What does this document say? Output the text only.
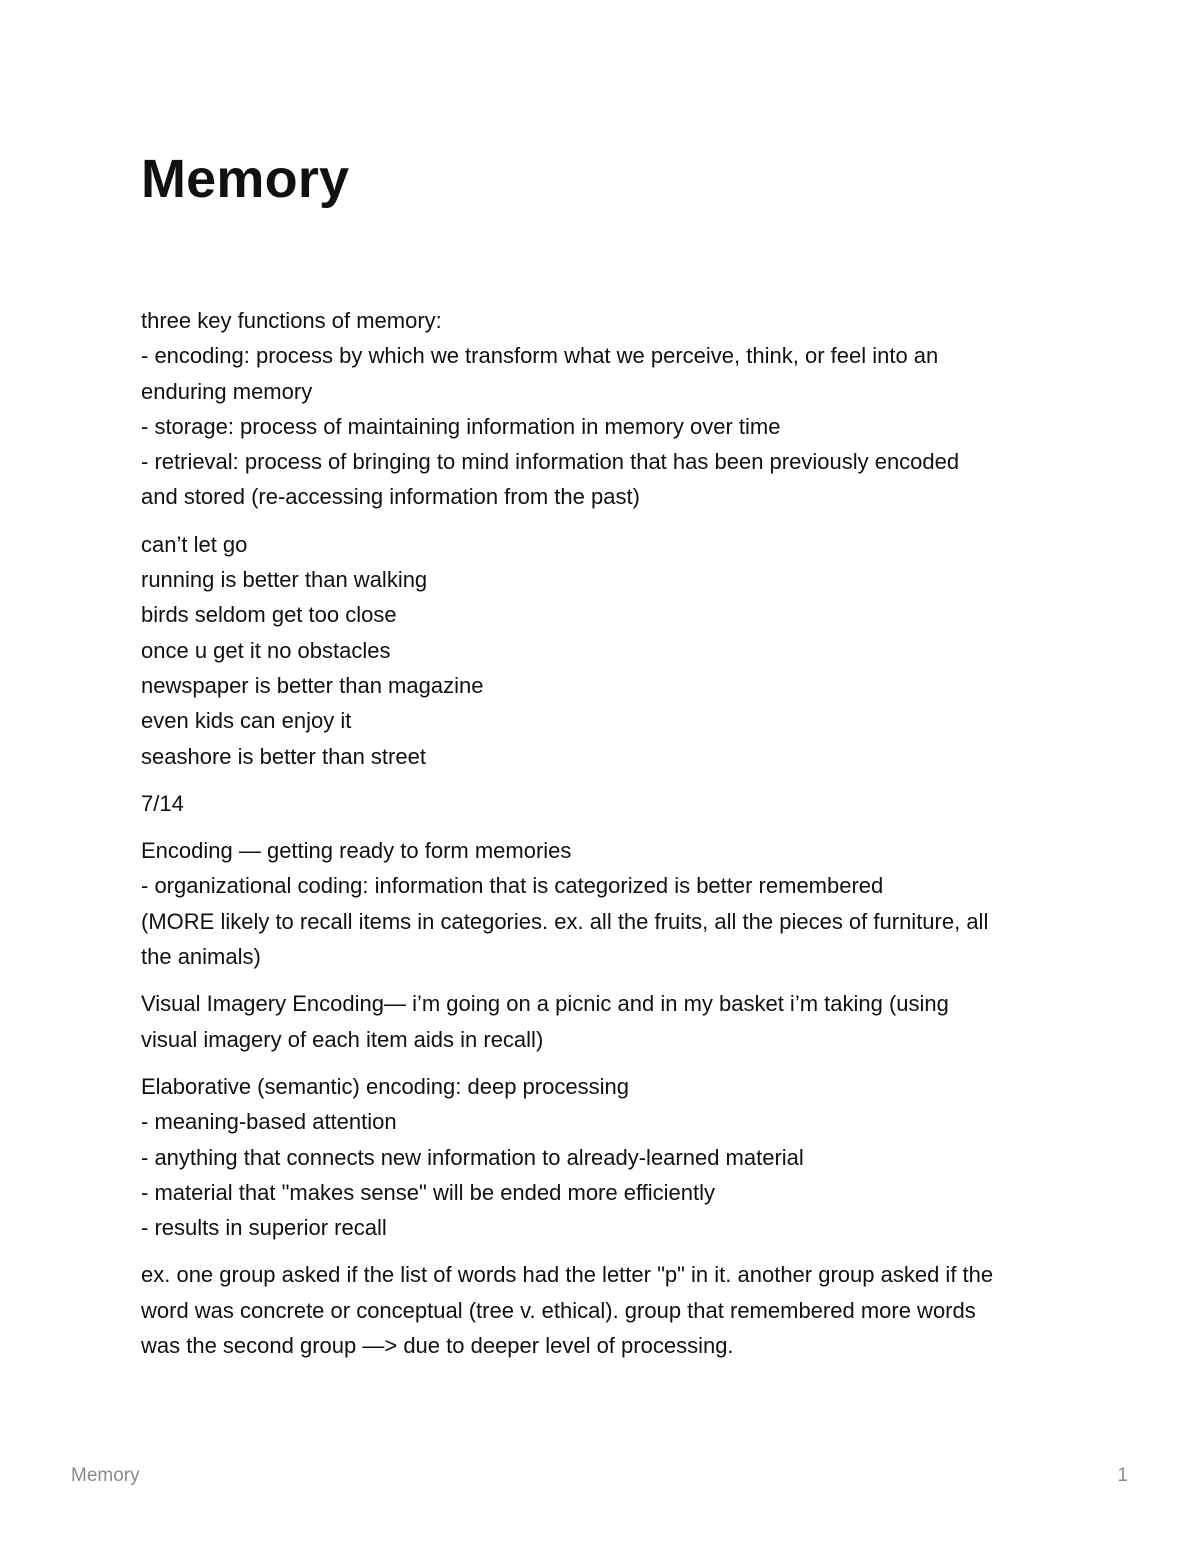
Memory
three key functions of memory:
- encoding: process by which we transform what we perceive, think, or feel into an
enduring memory
- storage: process of maintaining information in memory over time
- retrieval: process of bringing to mind information that has been previously encoded
and stored (re-accessing information from the past)
can’t let go
running is better than walking
birds seldom get too close
once u get it no obstacles
newspaper is better than magazine
even kids can enjoy it
seashore is better than street
7/14
Encoding — getting ready to form memories
- organizational coding: information that is categorized is better remembered
(MORE likely to recall items in categories. ex. all the fruits, all the pieces of furniture, all
the animals)
Visual Imagery Encoding— i’m going on a picnic and in my basket i’m taking (using
visual imagery of each item aids in recall)
Elaborative (semantic) encoding: deep processing
- meaning-based attention
- anything that connects new information to already-learned material
- material that "makes sense" will be ended more efficiently
- results in superior recall
ex. one group asked if the list of words had the letter "p" in it. another group asked if the
word was concrete or conceptual (tree v. ethical). group that remembered more words
was the second group —> due to deeper level of processing.
Memory	1
